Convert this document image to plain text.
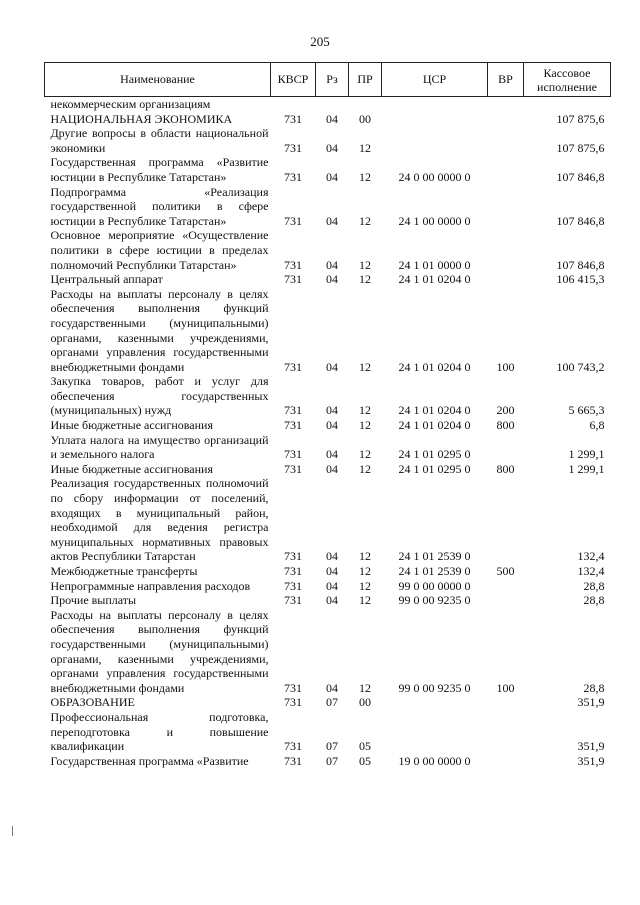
205
Наименование	КВСР	Рз	ПР	ЦСР	ВР	Кассовое исполнение

некоммерческим организациям						

НАЦИОНАЛЬНАЯ ЭКОНОМИКА	731	04	00			107 875,6

Другие вопросы в области национальной экономики	731	04	12			107 875,6

Государственная программа «Развитие юстиции в Республике Татарстан»	731	04	12	24 0 00 0000 0		107 846,8

Подпрограмма «Реализация государственной политики в сфере юстиции в Республике Татарстан»	731	04	12	24 1 00 0000 0		107 846,8

Основное мероприятие «Осуществление политики в сфере юстиции в пределах полномочий Республики Татарстан»	731	04	12	24 1 01 0000 0		107 846,8

Центральный аппарат	731	04	12	24 1 01 0204 0		106 415,3

Расходы на выплаты персоналу в целях обеспечения выполнения функций государственными (муниципальными) органами, казенными учреждениями, органами управления государственными внебюджетными фондами	731	04	12	24 1 01 0204 0	100	100 743,2

Закупка товаров, работ и услуг для обеспечения государственных (муниципальных) нужд	731	04	12	24 1 01 0204 0	200	5 665,3

Иные бюджетные ассигнования	731	04	12	24 1 01 0204 0	800	6,8

Уплата налога на имущество организаций и земельного налога	731	04	12	24 1 01 0295 0		1 299,1

Иные бюджетные ассигнования	731	04	12	24 1 01 0295 0	800	1 299,1

Реализация государственных полномочий по сбору информации от поселений, входящих в муниципальный район, необходимой для ведения регистра муниципальных нормативных правовых актов Республики Татарстан	731	04	12	24 1 01 2539 0		132,4

Межбюджетные трансферты	731	04	12	24 1 01 2539 0	500	132,4

Непрограммные направления расходов	731	04	12	99 0 00 0000 0		28,8

Прочие выплаты	731	04	12	99 0 00 9235 0		28,8

Расходы на выплаты персоналу в целях обеспечения выполнения функций государственными (муниципальными) органами, казенными учреждениями, органами управления государственными внебюджетными фондами	731	04	12	99 0 00 9235 0	100	28,8

ОБРАЗОВАНИЕ	731	07	00			351,9

Профессиональная подготовка, переподготовка и повышение квалификации	731	07	05			351,9

Государственная программа «Развитие	731	07	05	19 0 00 0000 0		351,9
